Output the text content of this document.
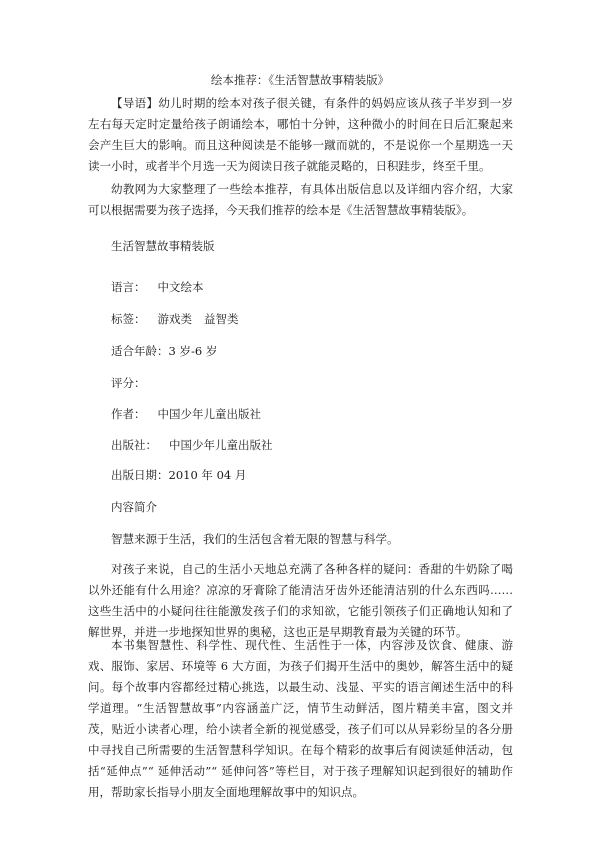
绘本推荐：《生活智慧故事精装版》

【导语】幼儿时期的绘本对孩子很关键，有条件的妈妈应该从孩子半岁到一岁左右每天定时定量给孩子朗诵绘本，哪怕十分钟，这种微小的时间在日后汇聚起来会产生巨大的影响。而且这种阅读是不能够一蹴而就的，不是说你一个星期选一天读一小时，或者半个月选一天为阅读日孩子就能灵略的，日积跬步，终至千里。

幼教网为大家整理了一些绘本推荐，有具体出版信息以及详细内容介绍，大家可以根据需要为孩子选择，今天我们推荐的绘本是《生活智慧故事精装版》。

生活智慧故事精装版
语言： 中文绘本
标签： 游戏类 益智类
适合年龄：3 岁-6 岁
评分：
作者： 中国少年儿童出版社
出版社： 中国少年儿童出版社
出版日期：2010 年 04 月
内容简介
智慧来源于生活，我们的生活包含着无限的智慧与科学。

对孩子来说，自己的生活小天地总充满了各种各样的疑问：香甜的牛奶除了喝以外还能有什么用途？凉凉的牙膏除了能清洁牙齿外还能清洁别的什么东西吗……这些生活中的小疑问往往能激发孩子们的求知欲，它能引领孩子们正确地认知和了解世界，并进一步地探知世界的奥秘，这也正是早期教育最为关键的环节。

本书集智慧性、科学性、现代性、生活性于一体，内容涉及饮食、健康、游戏、服饰、家居、环境等 6 大方面，为孩子们揭开生活中的奥妙，解答生活中的疑问。每个故事内容都经过精心挑选，以最生动、浅显、平实的语言阐述生活中的科学道理。“生活智慧故事”内容涵盖广泛，情节生动鲜活，图片精美丰富，图文并茂，贴近小读者心理，给小读者全新的视觉感受，孩子们可以从异彩纷呈的各分册中寻找自己所需要的生活智慧科学知识。在每个精彩的故事后有阅读延伸活动，包括“延伸点”“ 延伸活动”“ 延伸问答”等栏目，对于孩子理解知识起到很好的辅助作用，帮助家长指导小朋友全面地理解故事中的知识点。
